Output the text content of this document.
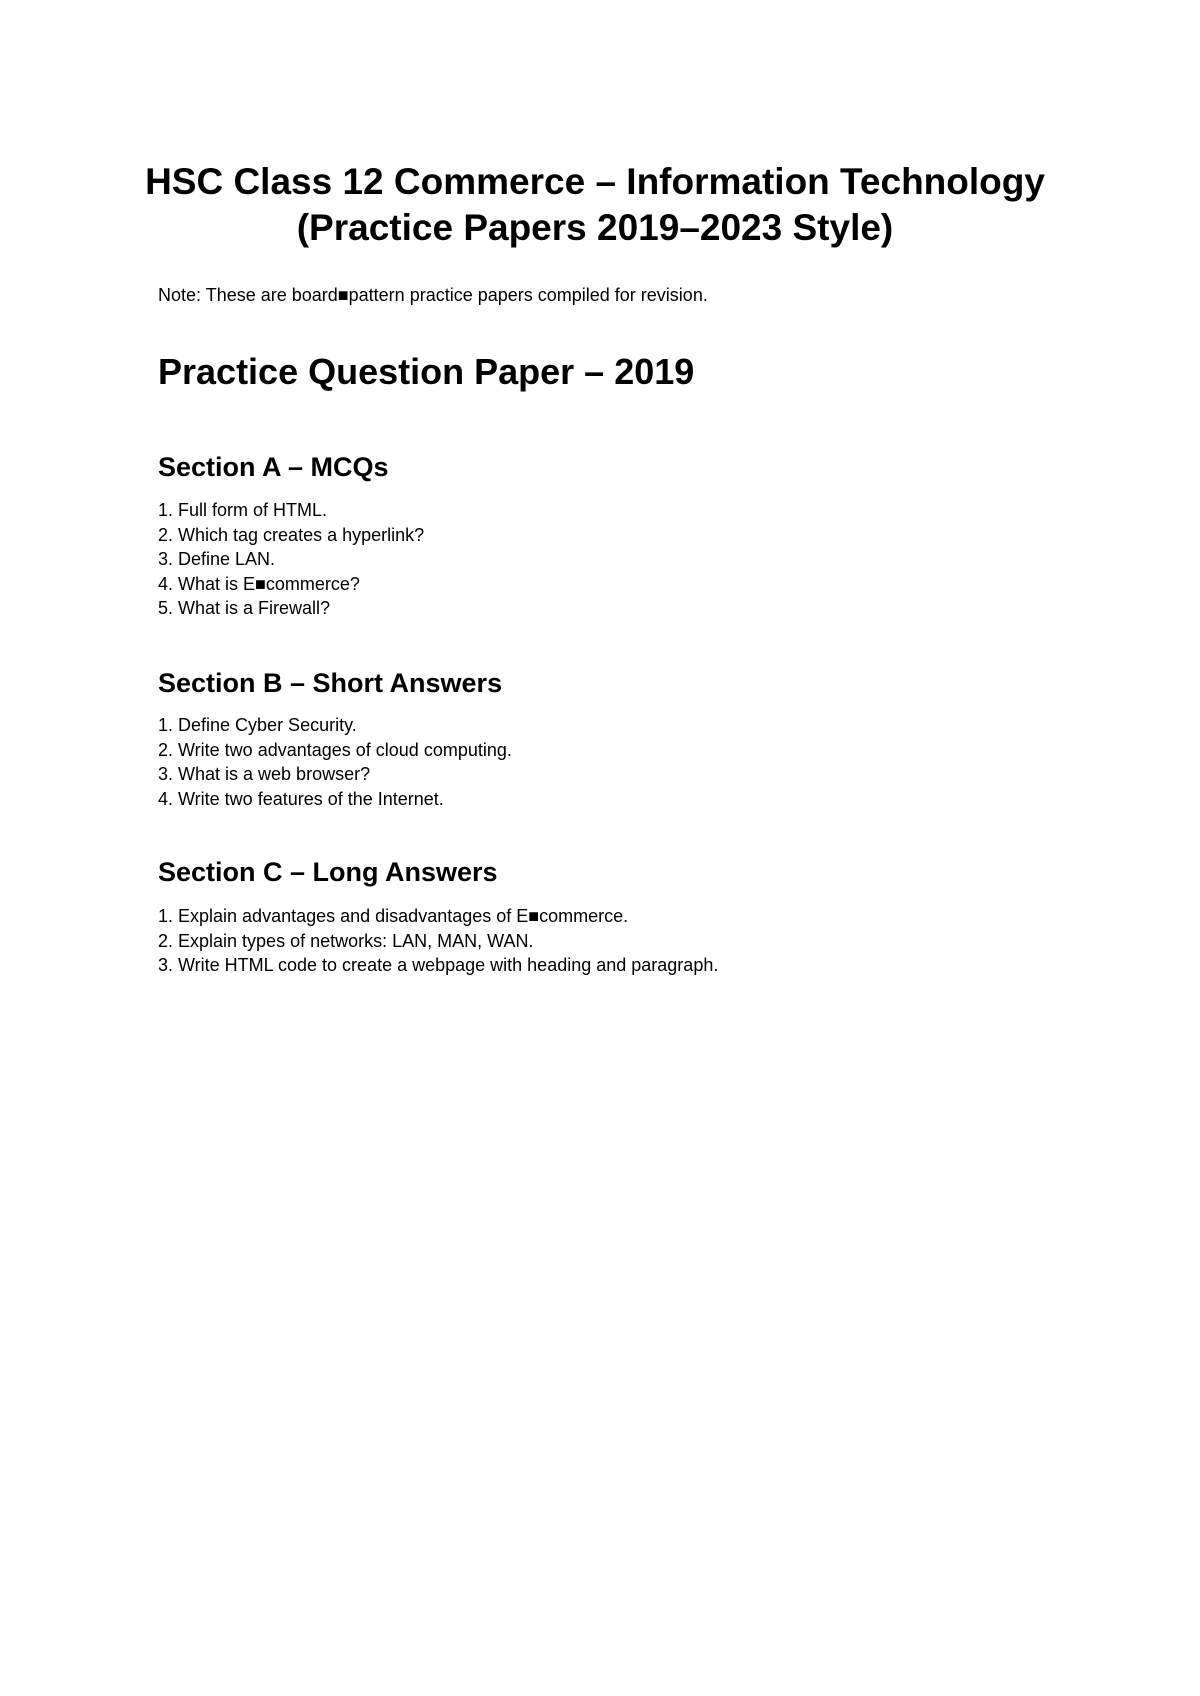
HSC Class 12 Commerce – Information Technology
(Practice Papers 2019–2023 Style)
Note: These are board■pattern practice papers compiled for revision.
Practice Question Paper – 2019
Section A – MCQs
1. Full form of HTML.
2. Which tag creates a hyperlink?
3. Define LAN.
4. What is E■commerce?
5. What is a Firewall?
Section B – Short Answers
1. Define Cyber Security.
2. Write two advantages of cloud computing.
3. What is a web browser?
4. Write two features of the Internet.
Section C – Long Answers
1. Explain advantages and disadvantages of E■commerce.
2. Explain types of networks: LAN, MAN, WAN.
3. Write HTML code to create a webpage with heading and paragraph.
